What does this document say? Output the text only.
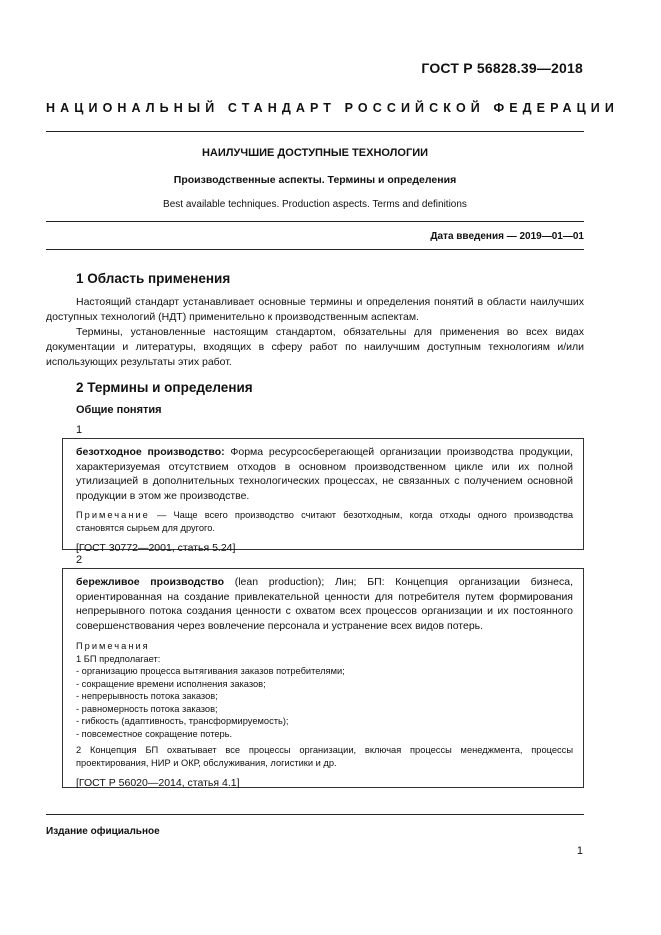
ГОСТ Р 56828.39—2018
НАЦИОНАЛЬНЫЙ СТАНДАРТ РОССИЙСКОЙ ФЕДЕРАЦИИ
НАИЛУЧШИЕ ДОСТУПНЫЕ ТЕХНОЛОГИИ
Производственные аспекты. Термины и определения
Best available techniques. Production aspects. Terms and definitions
Дата введения — 2019—01—01
1 Область применения

Настоящий стандарт устанавливает основные термины и определения понятий в области наилучших доступных технологий (НДТ) применительно к производственным аспектам.

Термины, установленные настоящим стандартом, обязательны для применения во всех видах документации и литературы, входящих в сферу работ по наилучшим доступным технологиям и/или использующих результаты этих работ.

2 Термины и определения
Общие понятия
1
безотходное производство: Форма ресурсосберегающей организации производства продукции, характеризуемая отсутствием отходов в основном производственном цикле или их полной утилизацией в дополнительных технологических процессах, не связанных с получением основной продукции в этом же производстве.
Примечание — Чаще всего производство считают безотходным, когда отходы одного производства становятся сырьем для другого.
[ГОСТ 30772—2001, статья 5.24]
2
бережливое производство (lean production); Лин; БП: Концепция организации бизнеса, ориентированная на создание привлекательной ценности для потребителя путем формирования непрерывного потока создания ценности с охватом всех процессов организации и их постоянного совершенствования через вовлечение персонала и устранение всех видов потерь.
Примечания
1 БП предполагает:
- организацию процесса вытягивания заказов потребителями;
- сокращение времени исполнения заказов;
- непрерывность потока заказов;
- равномерность потока заказов;
- гибкость (адаптивность, трансформируемость);
- повсеместное сокращение потерь.
2 Концепция БП охватывает все процессы организации, включая процессы менеджмента, процессы проектирования, НИР и ОКР, обслуживания, логистики и др.
[ГОСТ Р 56020—2014, статья 4.1]
Издание официальное
1
